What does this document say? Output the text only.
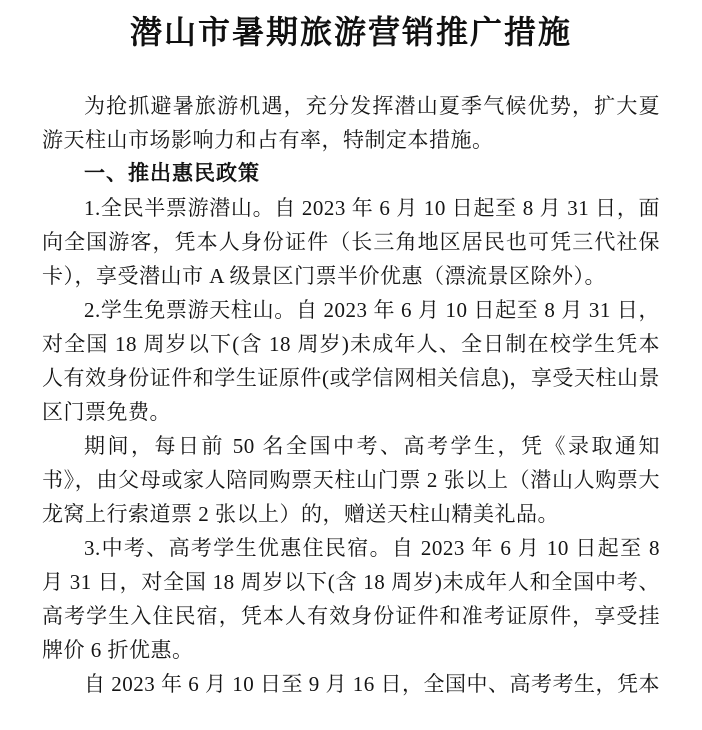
潜山市暑期旅游营销推广措施

为抢抓避暑旅游机遇，充分发挥潜山夏季气候优势，扩大夏游天柱山市场影响力和占有率，特制定本措施。

一、推出惠民政策

1.全民半票游潜山。自 2023 年 6 月 10 日起至 8 月 31 日，面向全国游客，凭本人身份证件（长三角地区居民也可凭三代社保卡），享受潜山市 A 级景区门票半价优惠（漂流景区除外）。

2.学生免票游天柱山。自 2023 年 6 月 10 日起至 8 月 31 日，对全国 18 周岁以下(含 18 周岁)未成年人、全日制在校学生凭本人有效身份证件和学生证原件(或学信网相关信息)，享受天柱山景区门票免费。

期间，每日前 50 名全国中考、高考学生，凭《录取通知书》，由父母或家人陪同购票天柱山门票 2 张以上（潜山人购票大龙窝上行索道票 2 张以上）的，赠送天柱山精美礼品。

3.中考、高考学生优惠住民宿。自 2023 年 6 月 10 日起至 8 月 31 日，对全国 18 周岁以下(含 18 周岁)未成年人和全国中考、高考学生入住民宿，凭本人有效身份证件和准考证原件，享受挂牌价 6 折优惠。

自 2023 年 6 月 10 日至 9 月 16 日，全国中、高考考生，凭本
